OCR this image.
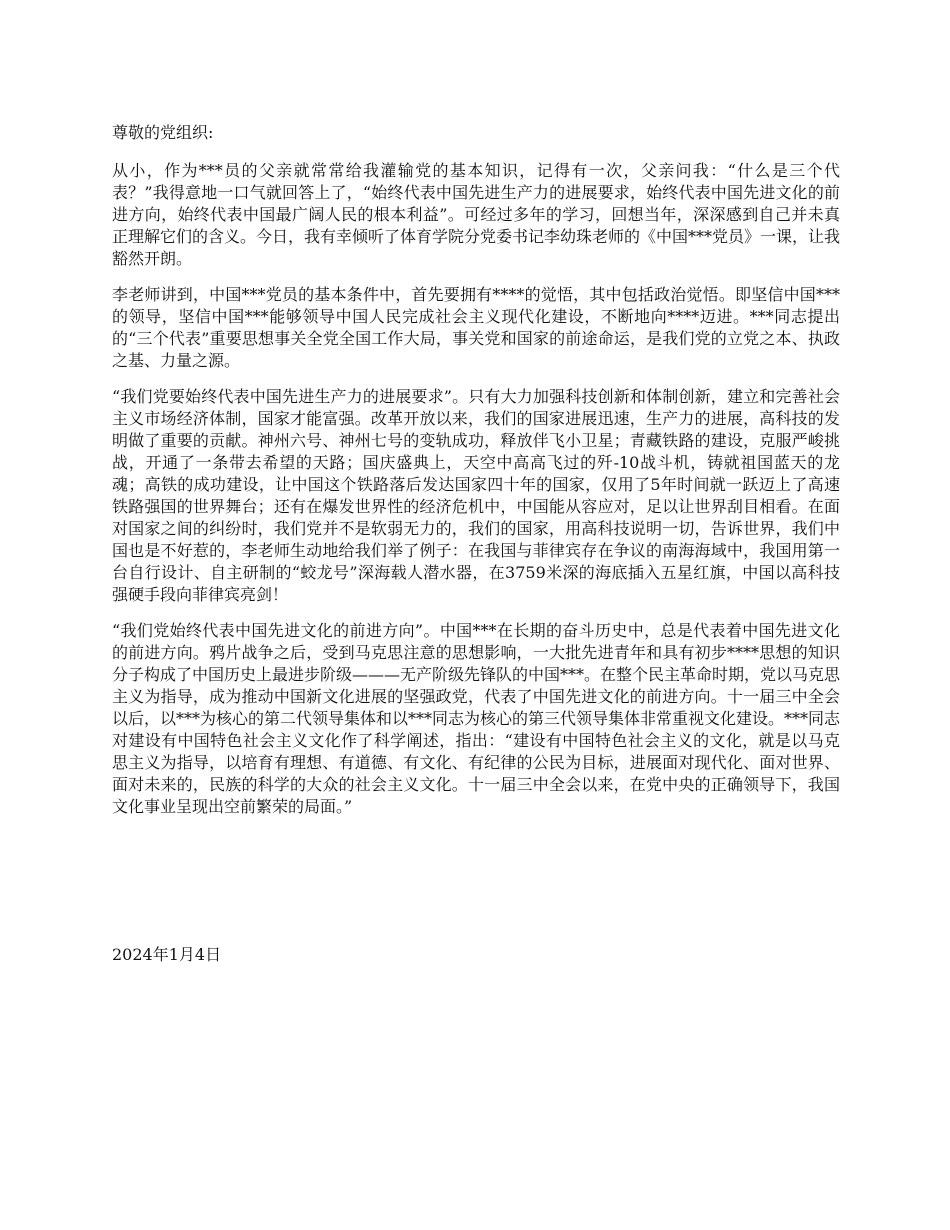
尊敬的党组织:

从小，作为***员的父亲就常常给我灌输党的基本知识，记得有一次，父亲问我：“什么是三个代表？”我得意地一口气就回答上了，“始终代表中国先进生产力的进展要求，始终代表中国先进文化的前进方向，始终代表中国最广阔人民的根本利益”。可经过多年的学习，回想当年，深深感到自己并未真正理解它们的含义。今日，我有幸倾听了体育学院分党委书记李幼珠老师的《中国***党员》一课，让我豁然开朗。

李老师讲到，中国***党员的基本条件中，首先要拥有****的觉悟，其中包括政治觉悟。即坚信中国***的领导，坚信中国***能够领导中国人民完成社会主义现代化建设，不断地向****迈进。***同志提出的“三个代表”重要思想事关全党全国工作大局，事关党和国家的前途命运，是我们党的立党之本、执政之基、力量之源。

“我们党要始终代表中国先进生产力的进展要求”。只有大力加强科技创新和体制创新，建立和完善社会主义市场经济体制，国家才能富强。改革开放以来，我们的国家进展迅速，生产力的进展，高科技的发明做了重要的贡献。神州六号、神州七号的变轨成功，释放伴飞小卫星；青藏铁路的建设，克服严峻挑战，开通了一条带去希望的天路；国庆盛典上，天空中高高飞过的歼-10战斗机，铸就祖国蓝天的龙魂；高铁的成功建设，让中国这个铁路落后发达国家四十年的国家，仅用了5年时间就一跃迈上了高速铁路强国的世界舞台；还有在爆发世界性的经济危机中，中国能从容应对，足以让世界刮目相看。在面对国家之间的纠纷时，我们党并不是软弱无力的，我们的国家，用高科技说明一切，告诉世界，我们中国也是不好惹的，李老师生动地给我们举了例子：在我国与菲律宾存在争议的南海海域中，我国用第一台自行设计、自主研制的“蛟龙号”深海载人潜水器，在3759米深的海底插入五星红旗，中国以高科技强硬手段向菲律宾亮剑！

“我们党始终代表中国先进文化的前进方向”。中国***在长期的奋斗历史中，总是代表着中国先进文化的前进方向。鸦片战争之后，受到马克思注意的思想影响，一大批先进青年和具有初步****思想的知识分子构成了中国历史上最进步阶级———无产阶级先锋队的中国***。在整个民主革命时期，党以马克思主义为指导，成为推动中国新文化进展的坚强政党，代表了中国先进文化的前进方向。十一届三中全会以后，以***为核心的第二代领导集体和以***同志为核心的第三代领导集体非常重视文化建设。***同志对建设有中国特色社会主义文化作了科学阐述，指出：“建设有中国特色社会主义的文化，就是以马克思主义为指导，以培育有理想、有道德、有文化、有纪律的公民为目标，进展面对现代化、面对世界、面对未来的，民族的科学的大众的社会主义文化。十一届三中全会以来，在党中央的正确领导下，我国文化事业呈现出空前繁荣的局面。”

2024年1月4日
